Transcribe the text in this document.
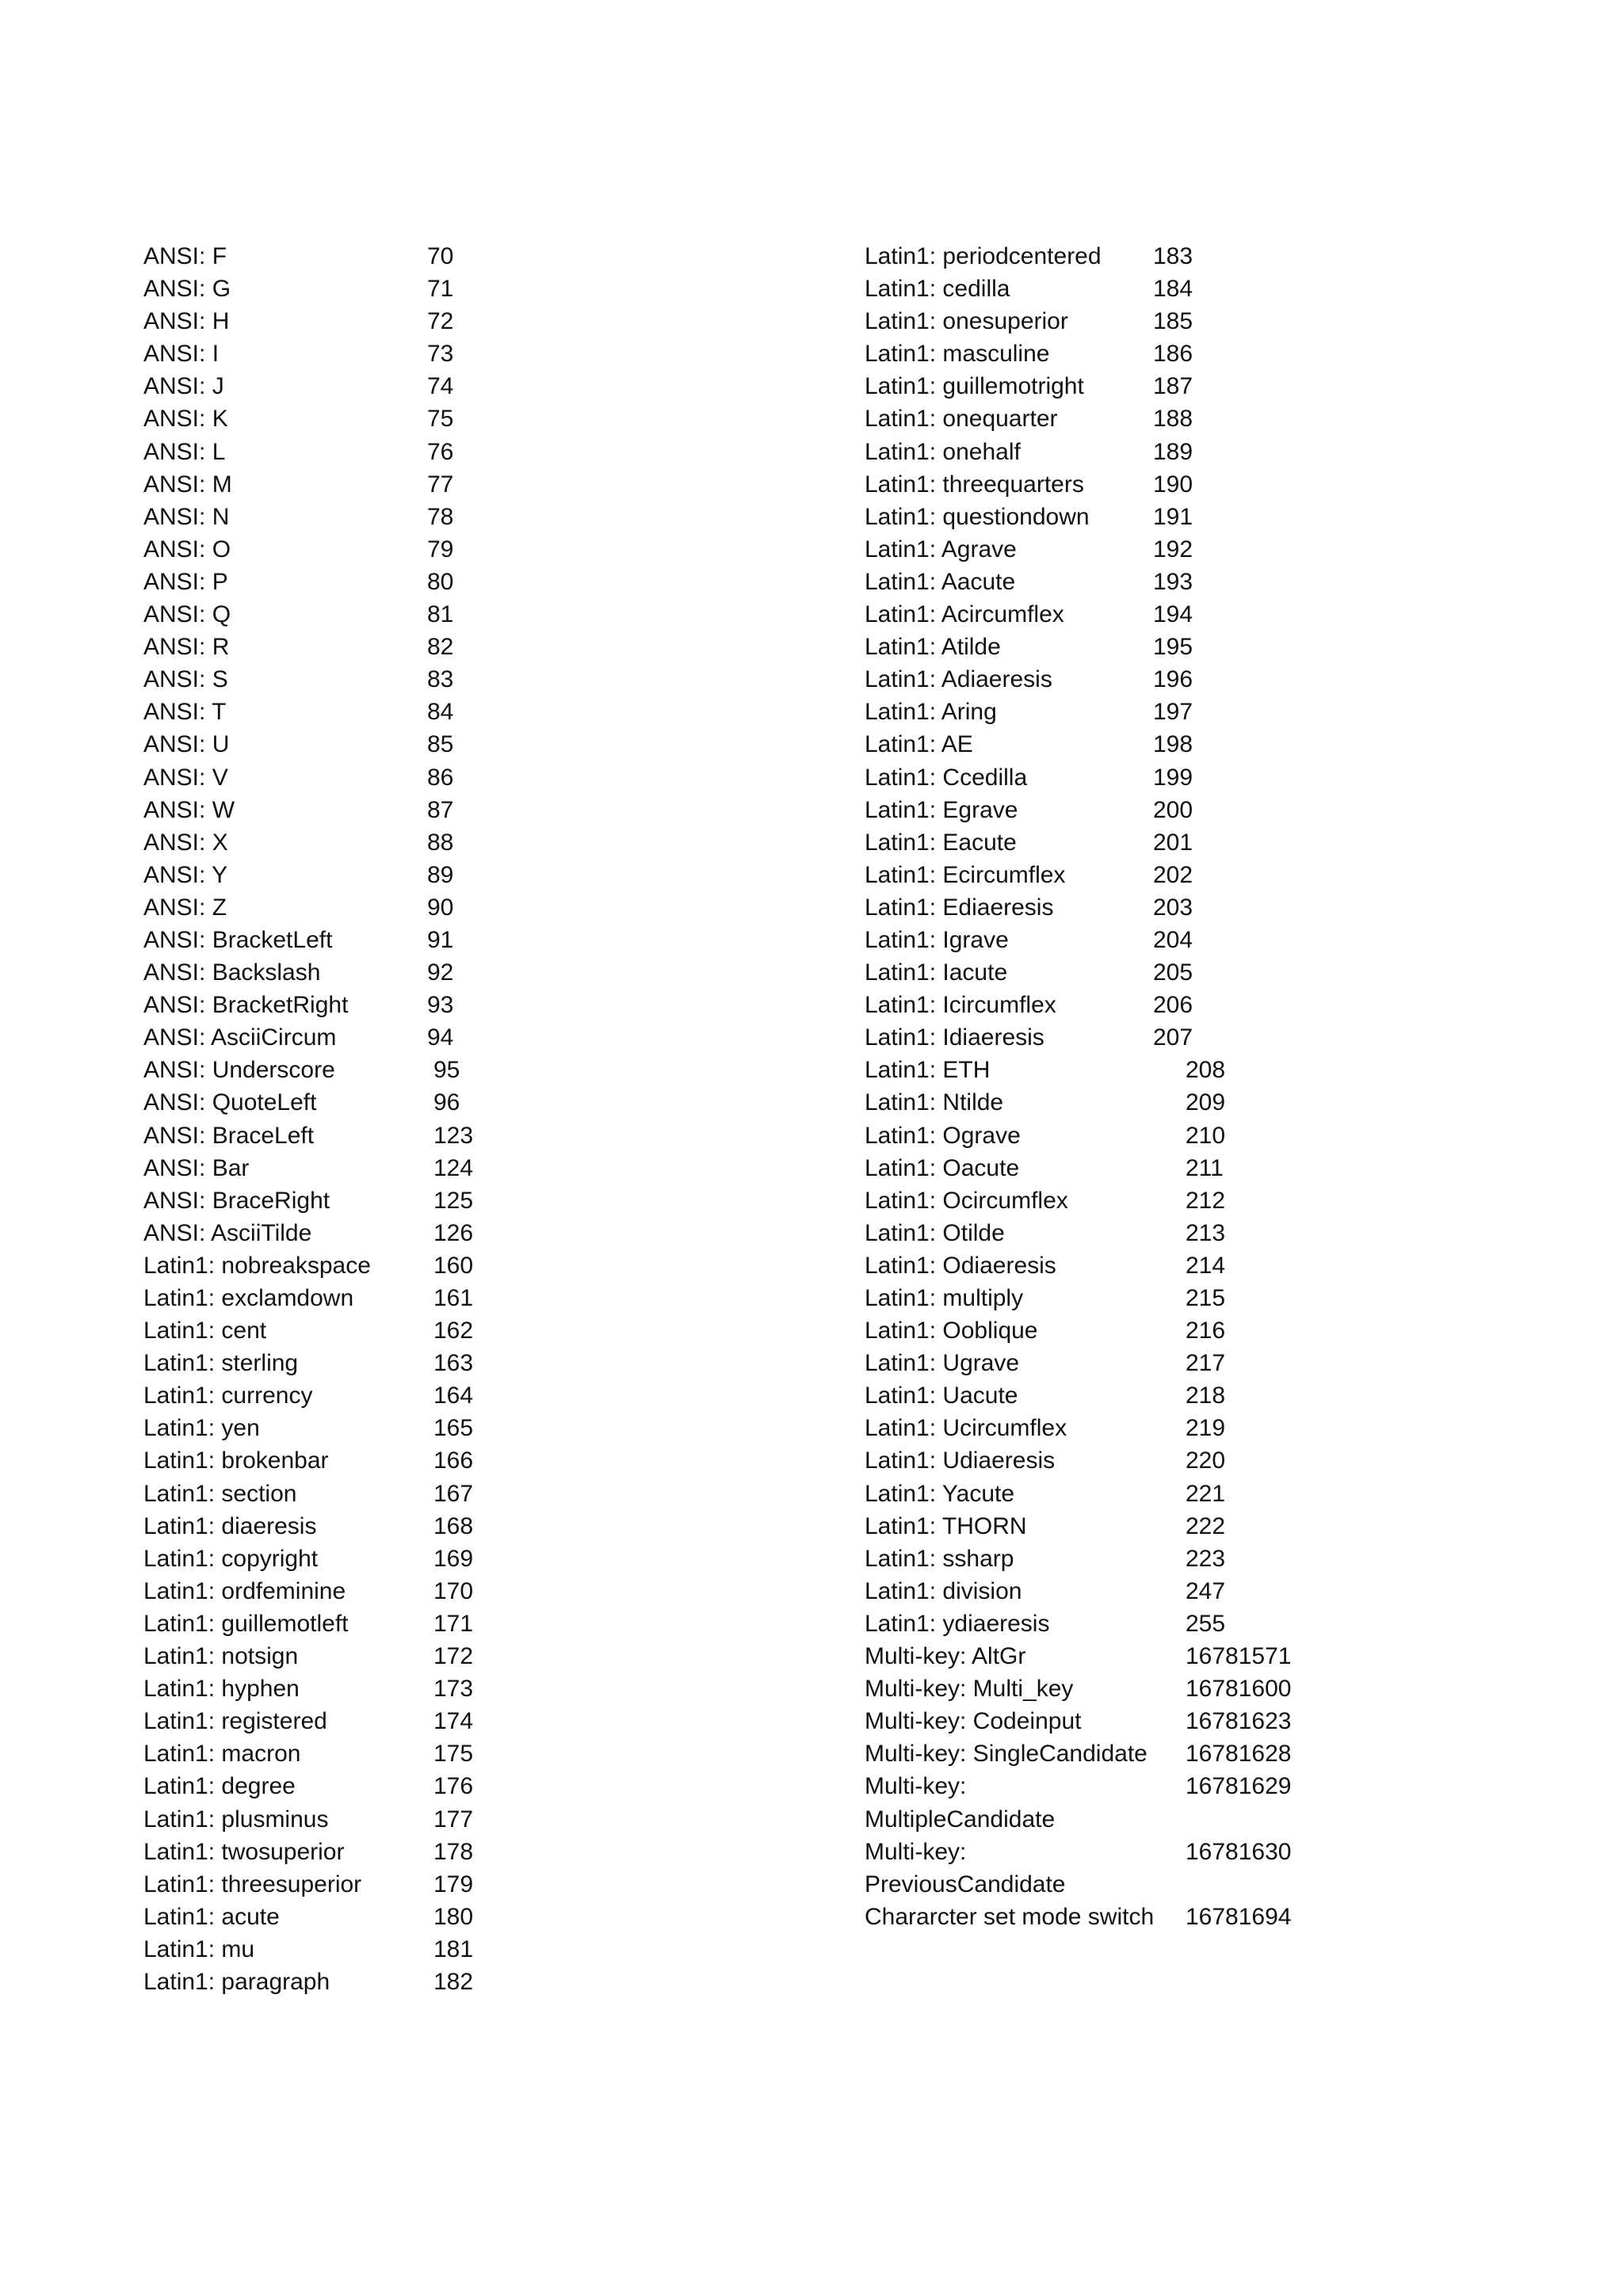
ANSI: F	70
ANSI: G	71
ANSI: H	72
ANSI: I	73
ANSI: J	74
ANSI: K	75
ANSI: L	76
ANSI: M	77
ANSI: N	78
ANSI: O	79
ANSI: P	80
ANSI: Q	81
ANSI: R	82
ANSI: S	83
ANSI: T	84
ANSI: U	85
ANSI: V	86
ANSI: W	87
ANSI: X	88
ANSI: Y	89
ANSI: Z	90
ANSI: BracketLeft	91
ANSI: Backslash	92
ANSI: BracketRight	93
ANSI: AsciiCircum	94
ANSI: Underscore	95
ANSI: QuoteLeft	96
ANSI: BraceLeft	123
ANSI: Bar	124
ANSI: BraceRight	125
ANSI: AsciiTilde	126
Latin1: nobreakspace	160
Latin1: exclamdown	161
Latin1: cent	162
Latin1: sterling	163
Latin1: currency	164
Latin1: yen	165
Latin1: brokenbar	166
Latin1: section	167
Latin1: diaeresis	168
Latin1: copyright	169
Latin1: ordfeminine	170
Latin1: guillemotleft	171
Latin1: notsign	172
Latin1: hyphen	173
Latin1: registered	174
Latin1: macron	175
Latin1: degree	176
Latin1: plusminus	177
Latin1: twosuperior	178
Latin1: threesuperior	179
Latin1: acute	180
Latin1: mu	181
Latin1: paragraph	182
Latin1: periodcentered 183
Latin1: cedilla	184
Latin1: onesuperior	185
Latin1: masculine	186
Latin1: guillemotright	187
Latin1: onequarter	188
Latin1: onehalf	189
Latin1: threequarters	190
Latin1: questiondown	191
Latin1: Agrave	192
Latin1: Aacute	193
Latin1: Acircumflex	194
Latin1: Atilde	195
Latin1: Adiaeresis	196
Latin1: Aring	197
Latin1: AE	198
Latin1: Ccedilla	199
Latin1: Egrave	200
Latin1: Eacute	201
Latin1: Ecircumflex	202
Latin1: Ediaeresis	203
Latin1: Igrave	204
Latin1: Iacute	205
Latin1: Icircumflex	206
Latin1: Idiaeresis	207
Latin1: ETH	208
Latin1: Ntilde	209
Latin1: Ograve	210
Latin1: Oacute	211
Latin1: Ocircumflex	212
Latin1: Otilde	213
Latin1: Odiaeresis	214
Latin1: multiply	215
Latin1: Ooblique	216
Latin1: Ugrave	217
Latin1: Uacute	218
Latin1: Ucircumflex	219
Latin1: Udiaeresis	220
Latin1: Yacute	221
Latin1: THORN	222
Latin1: ssharp	223
Latin1: division	247
Latin1: ydiaeresis	255
Multi-key: AltGr	16781571
Multi-key: Multi_key	16781600
Multi-key: Codeinput	16781623
Multi-key: SingleCandidate 16781628
Multi-key: MultipleCandidate
16781629
Multi-key: PreviousCandidate
16781630
Chararcter set mode switch 16781694
